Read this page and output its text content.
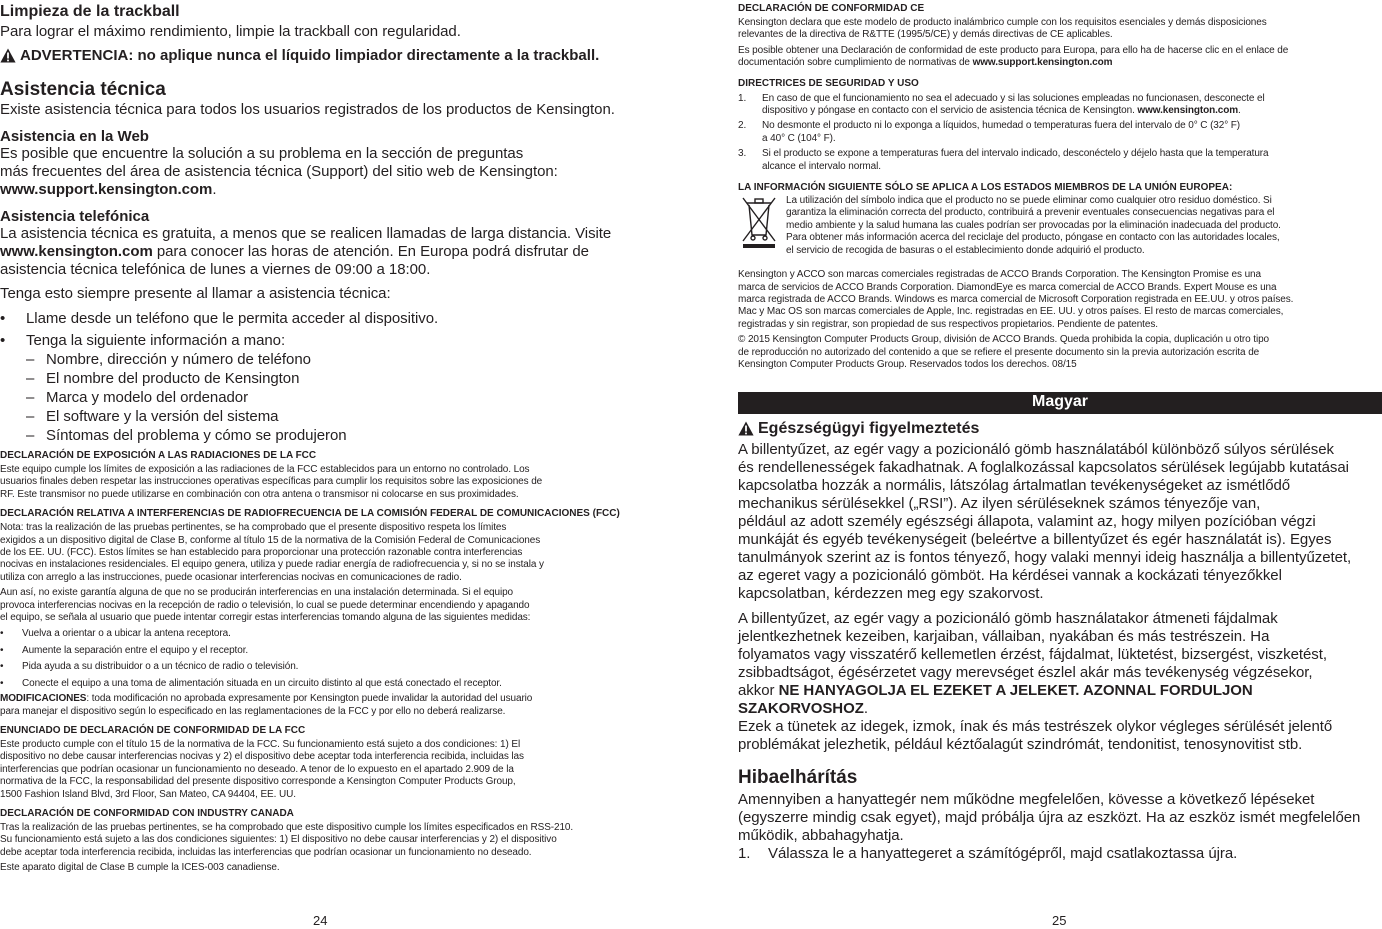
Limpieza de la trackball

Para lograr el máximo rendimiento, limpie la trackball con regularidad.

ADVERTENCIA: no aplique nunca el líquido limpiador directamente a la trackball.

Asistencia técnica

Existe asistencia técnica para todos los usuarios registrados de los productos de Kensington.

Asistencia en la Web

Es posible que encuentre la solución a su problema en la sección de preguntas

más frecuentes del área de asistencia técnica (Support) del sitio web de Kensington:

www.support.kensington.com.

Asistencia telefónica

La asistencia técnica es gratuita, a menos que se realicen llamadas de larga distancia. Visite

www.kensington.com para conocer las horas de atención. En Europa podrá disfrutar de

asistencia técnica telefónica de lunes a viernes de 09:00 a 18:00.

Tenga esto siempre presente al llamar a asistencia técnica:

•	Llame desde un teléfono que le permita acceder al dispositivo.
•	Tenga la siguiente información a mano:
– Nombre, dirección y número de teléfono
– El nombre del producto de Kensington
– Marca y modelo del ordenador
– El software y la versión del sistema
– Síntomas del problema y cómo se produjeron

DECLARACIÓN DE EXPOSICIÓN A LAS RADIACIONES DE LA FCC

Este equipo cumple los límites de exposición a las radiaciones de la FCC establecidos para un entorno no controlado. Los

usuarios finales deben respetar las instrucciones operativas específicas para cumplir los requisitos sobre las exposiciones de

RF. Este transmisor no puede utilizarse en combinación con otra antena o transmisor ni colocarse en sus proximidades.

DECLARACIÓN RELATIVA A INTERFERENCIAS DE RADIOFRECUENCIA DE LA COMISIÓN FEDERAL DE COMUNICACIONES (FCC)

Nota: tras la realización de las pruebas pertinentes, se ha comprobado que el presente dispositivo respeta los límites

exigidos a un dispositivo digital de Clase B, conforme al título 15 de la normativa de la Comisión Federal de Comunicaciones

de los EE. UU. (FCC). Estos límites se han establecido para proporcionar una protección razonable contra interferencias

nocivas en instalaciones residenciales. El equipo genera, utiliza y puede radiar energía de radiofrecuencia y, si no se instala y

utiliza con arreglo a las instrucciones, puede ocasionar interferencias nocivas en comunicaciones de radio.

Aun así, no existe garantía alguna de que no se producirán interferencias en una instalación determinada. Si el equipo

provoca interferencias nocivas en la recepción de radio o televisión, lo cual se puede determinar encendiendo y apagando

el equipo, se señala al usuario que puede intentar corregir estas interferencias tomando alguna de las siguientes medidas:

•	Vuelva a orientar o a ubicar la antena receptora.
•	Aumente la separación entre el equipo y el receptor.
•	Pida ayuda a su distribuidor o a un técnico de radio o televisión.
•	Conecte el equipo a una toma de alimentación situada en un circuito distinto al que está conectado el receptor.

MODIFICACIONES: toda modificación no aprobada expresamente por Kensington puede invalidar la autoridad del usuario

para manejar el dispositivo según lo especificado en las reglamentaciones de la FCC y por ello no deberá realizarse.

ENUNCIADO DE DECLARACIÓN DE CONFORMIDAD DE LA FCC

Este producto cumple con el título 15 de la normativa de la FCC. Su funcionamiento está sujeto a dos condiciones: 1) El

dispositivo no debe causar interferencias nocivas y 2) el dispositivo debe aceptar toda interferencia recibida, incluidas las

interferencias que podrían ocasionar un funcionamiento no deseado. A tenor de lo expuesto en el apartado 2.909 de la

normativa de la FCC, la responsabilidad del presente dispositivo corresponde a Kensington Computer Products Group,

1500 Fashion Island Blvd, 3rd Floor, San Mateo, CA 94404, EE. UU.

DECLARACIÓN DE CONFORMIDAD CON INDUSTRY CANADA

Tras la realización de las pruebas pertinentes, se ha comprobado que este dispositivo cumple los límites especificados en RSS-210.

Su funcionamiento está sujeto a las dos condiciones siguientes: 1) El dispositivo no debe causar interferencias y 2) el dispositivo

debe aceptar toda interferencia recibida, incluidas las interferencias que podrían ocasionar un funcionamiento no deseado.

Este aparato digital de Clase B cumple la ICES-003 canadiense.

24

DECLARACIÓN DE CONFORMIDAD CE

Kensington declara que este modelo de producto inalámbrico cumple con los requisitos esenciales y demás disposiciones

relevantes de la directiva de R&TTE (1995/5/CE) y demás directivas de CE aplicables.

Es posible obtener una Declaración de conformidad de este producto para Europa, para ello ha de hacerse clic en el enlace de

documentación sobre cumplimiento de normativas de www.support.kensington.com

DIRECTRICES DE SEGURIDAD Y USO

1.	En caso de que el funcionamiento no sea el adecuado y si las soluciones empleadas no funcionasen, desconecte el

dispositivo y póngase en contacto con el servicio de asistencia técnica de Kensington. www.kensington.com.

2.	No desmonte el producto ni lo exponga a líquidos, humedad o temperaturas fuera del intervalo de 0° C (32° F)

a 40° C (104° F).

3.	Si el producto se expone a temperaturas fuera del intervalo indicado, desconéctelo y déjelo hasta que la temperatura

alcance el intervalo normal.

LA INFORMACIÓN SIGUIENTE SÓLO SE APLICA A LOS ESTADOS MIEMBROS DE LA UNIÓN EUROPEA:

La utilización del símbolo indica que el producto no se puede eliminar como cualquier otro residuo doméstico. Si

garantiza la eliminación correcta del producto, contribuirá a prevenir eventuales consecuencias negativas para el

medio ambiente y la salud humana las cuales podrían ser provocadas por la eliminación inadecuada del producto.

Para obtener más información acerca del reciclaje del producto, póngase en contacto con las autoridades locales,

el servicio de recogida de basuras o el establecimiento donde adquirió el producto.

Kensington y ACCO son marcas comerciales registradas de ACCO Brands Corporation. The Kensington Promise es una

marca de servicios de ACCO Brands Corporation. DiamondEye es marca comercial de ACCO Brands. Expert Mouse es una

marca registrada de ACCO Brands. Windows es marca comercial de Microsoft Corporation registrada en EE.UU. y otros países.

Mac y Mac OS son marcas comerciales de Apple, Inc. registradas en EE. UU. y otros países. El resto de marcas comerciales,

registradas y sin registrar, son propiedad de sus respectivos propietarios. Pendiente de patentes.

© 2015 Kensington Computer Products Group, división de ACCO Brands. Queda prohibida la copia, duplicación u otro tipo

de reproducción no autorizado del contenido a que se refiere el presente documento sin la previa autorización escrita de

Kensington Computer Products Group. Reservados todos los derechos. 08/15

Magyar
Egészségügyi figyelmeztetés

A billentyűzet, az egér vagy a pozicionáló gömb használatából különböző súlyos sérülések

és rendellenességek fakadhatnak. A foglalkozással kapcsolatos sérülések legújabb kutatásai

kapcsolatba hozzák a normális, látszólag ártalmatlan tevékenységeket az ismétlődő

mechanikus sérülésekkel („RSI”). Az ilyen sérüléseknek számos tényezője van,

például az adott személy egészségi állapota, valamint az, hogy milyen pozícióban végzi

munkáját és egyéb tevékenységeit (beleértve a billentyűzet és egér használatát is). Egyes

tanulmányok szerint az is fontos tényező, hogy valaki mennyi ideig használja a billentyűzetet,

az egeret vagy a pozicionáló gömböt. Ha kérdései vannak a kockázati tényezőkkel

kapcsolatban, kérdezzen meg egy szakorvost.

A billentyűzet, az egér vagy a pozicionáló gömb használatakor átmeneti fájdalmak

jelentkezhetnek kezeiben, karjaiban, vállaiban, nyakában és más testrészein. Ha

folyamatos vagy visszatérő kellemetlen érzést, fájdalmat, lüktetést, bizsergést, viszketést,

zsibbadtságot, égésérzetet vagy merevséget észlel akár más tevékenység végzésekor,

akkor NE HANYAGOLJA EL EZEKET A JELEKET. AZONNAL FORDULJON SZAKORVOSHOZ.

Ezek a tünetek az idegek, izmok, ínak és más testrészek olykor végleges sérülését jelentő

problémákat jelezhetik, például kéztőalagút szindrómát, tendonitist, tenosynovitist stb.

Hibaelhárítás

Amennyiben a hanyattegér nem működne megfelelően, kövesse a következő lépéseket

(egyszerre mindig csak egyet), majd próbálja újra az eszközt. Ha az eszköz ismét megfelelően

működik, abbahagyhatja.

1.	Válassza le a hanyattegeret a számítógépről, majd csatlakoztassa újra.
25
